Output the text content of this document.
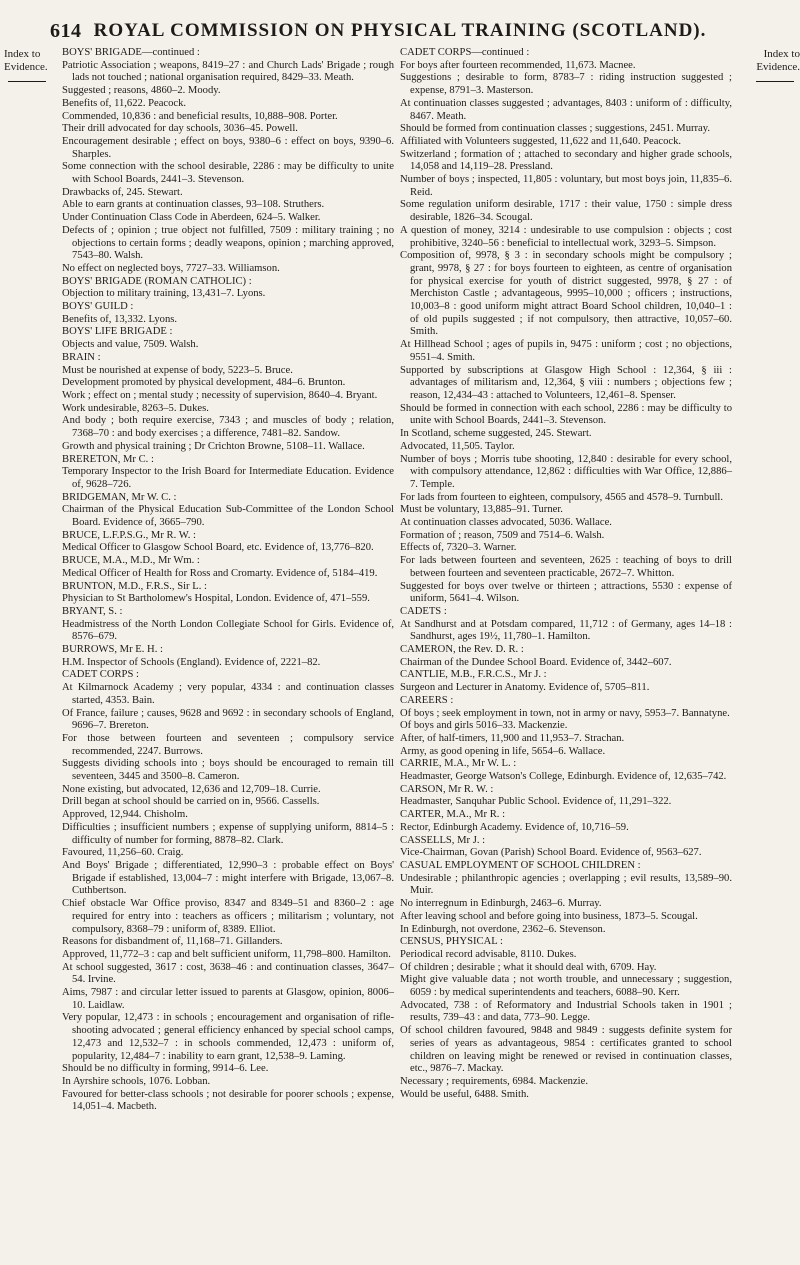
614 ROYAL COMMISSION ON PHYSICAL TRAINING (SCOTLAND).
Index to
Evidence.
Index to
Evidence.

BOYS' BRIGADE—continued :

Patriotic Association ; weapons, 8419–27 : and Church Lads' Brigade ; rough lads not touched ; national organisation required, 8429–33. Meath.

Suggested ; reasons, 4860–2. Moody.

Benefits of, 11,622. Peacock.

Commended, 10,836 : and beneficial results, 10,888–908. Porter.

Their drill advocated for day schools, 3036–45. Powell.

Encouragement desirable ; effect on boys, 9380–6 : effect on boys, 9390–6. Sharples.

Some connection with the school desirable, 2286 : may be difficulty to unite with School Boards, 2441–3. Stevenson.

Drawbacks of, 245. Stewart.

Able to earn grants at continuation classes, 93–108. Struthers.

Under Continuation Class Code in Aberdeen, 624–5. Walker.

Defects of ; opinion ; true object not fulfilled, 7509 : military training ; no objections to certain forms ; deadly weapons, opinion ; marching approved, 7543–80. Walsh.

No effect on neglected boys, 7727–33. Williamson.

BOYS' BRIGADE (ROMAN CATHOLIC) :

Objection to military training, 13,431–7. Lyons.

BOYS' GUILD :

Benefits of, 13,332. Lyons.

BOYS' LIFE BRIGADE :

Objects and value, 7509. Walsh.

BRAIN :

Must be nourished at expense of body, 5223–5. Bruce.

Development promoted by physical development, 484–6. Brunton.

Work ; effect on ; mental study ; necessity of supervision, 8640–4. Bryant.

Work undesirable, 8263–5. Dukes.

And body ; both require exercise, 7343 ; and muscles of body ; relation, 7368–70 : and body exercises ; a difference, 7481–82. Sandow.

Growth and physical training ; Dr Crichton Browne, 5108–11. Wallace.

BRERETON, Mr C. :

Temporary Inspector to the Irish Board for Intermediate Education. Evidence of, 9628–726.

BRIDGEMAN, Mr W. C. :

Chairman of the Physical Education Sub-Committee of the London School Board. Evidence of, 3665–790.

BRUCE, L.F.P.S.G., Mr R. W. :

Medical Officer to Glasgow School Board, etc. Evidence of, 13,776–820.

BRUCE, M.A., M.D., Mr Wm. :

Medical Officer of Health for Ross and Cromarty. Evidence of, 5184–419.

BRUNTON, M.D., F.R.S., Sir L. :

Physician to St Bartholomew's Hospital, London. Evidence of, 471–559.

BRYANT, S. :

Headmistress of the North London Collegiate School for Girls. Evidence of, 8576–679.

BURROWS, Mr E. H. :

H.M. Inspector of Schools (England). Evidence of, 2221–82.

CADET CORPS :

At Kilmarnock Academy ; very popular, 4334 : and continuation classes started, 4353. Bain.

Of France, failure ; causes, 9628 and 9692 : in secondary schools of England, 9696–7. Brereton.

For those between fourteen and seventeen ; compulsory service recommended, 2247. Burrows.

Suggests dividing schools into ; boys should be encouraged to remain till seventeen, 3445 and 3500–8. Cameron.

None existing, but advocated, 12,636 and 12,709–18. Currie.

Drill began at school should be carried on in, 9566. Cassells.

Approved, 12,944. Chisholm.

Difficulties ; insufficient numbers ; expense of supplying uniform, 8814–5 : difficulty of number for forming, 8878–82. Clark.

Favoured, 11,256–60. Craig.

And Boys' Brigade ; differentiated, 12,990–3 : probable effect on Boys' Brigade if established, 13,004–7 : might interfere with Brigade, 13,067–8. Cuthbertson.

Chief obstacle War Office proviso, 8347 and 8349–51 and 8360–2 : age required for entry into : teachers as officers ; militarism ; voluntary, not compulsory, 8368–79 : uniform of, 8389. Elliot.

Reasons for disbandment of, 11,168–71. Gillanders.

Approved, 11,772–3 : cap and belt sufficient uniform, 11,798–800. Hamilton.

At school suggested, 3617 : cost, 3638–46 : and continuation classes, 3647–54. Irvine.

Aims, 7987 : and circular letter issued to parents at Glasgow, opinion, 8006–10. Laidlaw.

Very popular, 12,473 : in schools ; encouragement and organisation of rifle-shooting advocated ; general efficiency enhanced by special school camps, 12,473 and 12,532–7 : in schools commended, 12,473 : uniform of, popularity, 12,484–7 : inability to earn grant, 12,538–9. Laming.

Should be no difficulty in forming, 9914–6. Lee.

In Ayrshire schools, 1076. Lobban.

Favoured for better-class schools ; not desirable for poorer schools ; expense, 14,051–4. Macbeth.

CADET CORPS—continued :

For boys after fourteen recommended, 11,673. Macnee.

Suggestions ; desirable to form, 8783–7 : riding instruction suggested ; expense, 8791–3. Masterson.

At continuation classes suggested ; advantages, 8403 : uniform of : difficulty, 8467. Meath.

Should be formed from continuation classes ; suggestions, 2451. Murray.

Affiliated with Volunteers suggested, 11,622 and 11,640. Peacock.

Switzerland ; formation of ; attached to secondary and higher grade schools, 14,058 and 14,119–28. Pressland.

Number of boys ; inspected, 11,805 : voluntary, but most boys join, 11,835–6. Reid.

Some regulation uniform desirable, 1717 : their value, 1750 : simple dress desirable, 1826–34. Scougal.

A question of money, 3214 : undesirable to use compulsion : objects ; cost prohibitive, 3240–56 : beneficial to intellectual work, 3293–5. Simpson.

Composition of, 9978, § 3 : in secondary schools might be compulsory ; grant, 9978, § 27 : for boys fourteen to eighteen, as centre of organisation for physical exercise for youth of district suggested, 9978, § 27 : of Merchiston Castle ; advantageous, 9995–10,000 ; officers ; instructions, 10,003–8 : good uniform might attract Board School children, 10,040–1 : of old pupils suggested ; if not compulsory, then attractive, 10,057–60. Smith.

At Hillhead School ; ages of pupils in, 9475 : uniform ; cost ; no objections, 9551–4. Smith.

Supported by subscriptions at Glasgow High School : 12,364, § iii : advantages of militarism and, 12,364, § viii : numbers ; objections few ; reason, 12,434–43 : attached to Volunteers, 12,461–8. Spenser.

Should be formed in connection with each school, 2286 : may be difficulty to unite with School Boards, 2441–3. Stevenson.

In Scotland, scheme suggested, 245. Stewart.

Advocated, 11,505. Taylor.

Number of boys ; Morris tube shooting, 12,840 : desirable for every school, with compulsory attendance, 12,862 : difficulties with War Office, 12,886–7. Temple.

For lads from fourteen to eighteen, compulsory, 4565 and 4578–9. Turnbull.

Must be voluntary, 13,885–91. Turner.

At continuation classes advocated, 5036. Wallace.

Formation of ; reason, 7509 and 7514–6. Walsh.

Effects of, 7320–3. Warner.

For lads between fourteen and seventeen, 2625 : teaching of boys to drill between fourteen and seventeen practicable, 2672–7. Whitton.

Suggested for boys over twelve or thirteen ; attractions, 5530 : expense of uniform, 5641–4. Wilson.

CADETS :

At Sandhurst and at Potsdam compared, 11,712 : of Germany, ages 14–18 : Sandhurst, ages 19½, 11,780–1. Hamilton.

CAMERON, the Rev. D. R. :

Chairman of the Dundee School Board. Evidence of, 3442–607.

CANTLIE, M.B., F.R.C.S., Mr J. :

Surgeon and Lecturer in Anatomy. Evidence of, 5705–811.

CAREERS :

Of boys ; seek employment in town, not in army or navy, 5953–7. Bannatyne.

Of boys and girls 5016–33. Mackenzie.

After, of half-timers, 11,900 and 11,953–7. Strachan.

Army, as good opening in life, 5654–6. Wallace.

CARRIE, M.A., Mr W. L. :

Headmaster, George Watson's College, Edinburgh. Evidence of, 12,635–742.

CARSON, Mr R. W. :

Headmaster, Sanquhar Public School. Evidence of, 11,291–322.

CARTER, M.A., Mr R. :

Rector, Edinburgh Academy. Evidence of, 10,716–59.

CASSELLS, Mr J. :

Vice-Chairman, Govan (Parish) School Board. Evidence of, 9563–627.

CASUAL EMPLOYMENT OF SCHOOL CHILDREN :

Undesirable ; philanthropic agencies ; overlapping ; evil results, 13,589–90. Muir.

No interregnum in Edinburgh, 2463–6. Murray.

After leaving school and before going into business, 1873–5. Scougal.

In Edinburgh, not overdone, 2362–6. Stevenson.

CENSUS, PHYSICAL :

Periodical record advisable, 8110. Dukes.

Of children ; desirable ; what it should deal with, 6709. Hay.

Might give valuable data ; not worth trouble, and unnecessary ; suggestion, 6059 : by medical superintendents and teachers, 6088–90. Kerr.

Advocated, 738 : of Reformatory and Industrial Schools taken in 1901 ; results, 739–43 : and data, 773–90. Legge.

Of school children favoured, 9848 and 9849 : suggests definite system for series of years as advantageous, 9854 : certificates granted to school children on leaving might be renewed or revised in continuation classes, etc., 9876–7. Mackay.

Necessary ; requirements, 6984. Mackenzie.

Would be useful, 6488. Smith.
